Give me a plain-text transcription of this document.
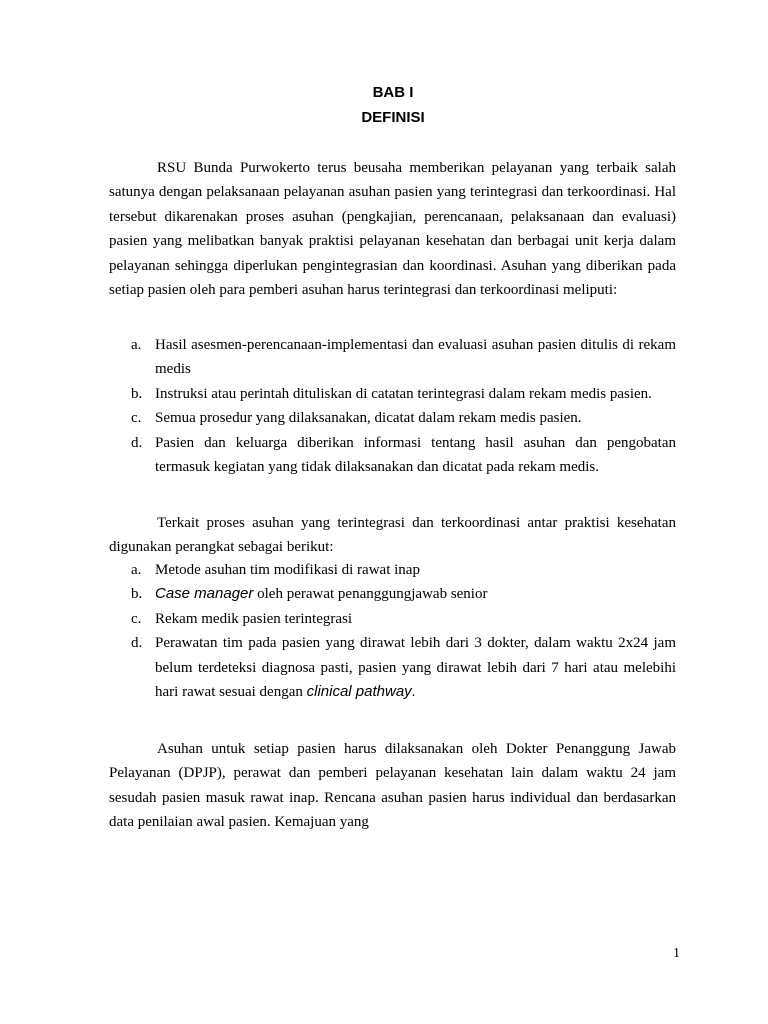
BAB I
DEFINISI
RSU Bunda Purwokerto terus beusaha memberikan pelayanan yang terbaik salah satunya dengan pelaksanaan pelayanan asuhan pasien yang terintegrasi dan terkoordinasi. Hal tersebut dikarenakan proses asuhan (pengkajian, perencanaan, pelaksanaan dan evaluasi) pasien yang melibatkan banyak praktisi pelayanan kesehatan dan berbagai unit kerja dalam pelayanan sehingga diperlukan pengintegrasian dan koordinasi. Asuhan yang diberikan pada setiap pasien oleh para pemberi asuhan harus terintegrasi dan terkoordinasi meliputi:
a. Hasil asesmen-perencanaan-implementasi dan evaluasi asuhan pasien ditulis di rekam medis
b. Instruksi atau perintah dituliskan di catatan terintegrasi dalam rekam medis pasien.
c. Semua prosedur yang dilaksanakan, dicatat dalam rekam medis pasien.
d. Pasien dan keluarga diberikan informasi tentang hasil asuhan dan pengobatan termasuk kegiatan yang tidak dilaksanakan dan dicatat pada rekam medis.
Terkait proses asuhan yang terintegrasi dan terkoordinasi antar praktisi kesehatan digunakan perangkat sebagai berikut:
a. Metode asuhan tim modifikasi di rawat inap
b. Case manager oleh perawat penanggungjawab senior
c. Rekam medik pasien terintegrasi
d. Perawatan tim pada pasien yang dirawat lebih dari 3 dokter, dalam waktu 2x24 jam belum terdeteksi diagnosa pasti, pasien yang dirawat lebih dari 7 hari atau melebihi hari rawat sesuai dengan clinical pathway.
Asuhan untuk setiap pasien harus dilaksanakan oleh Dokter Penanggung Jawab Pelayanan (DPJP), perawat dan pemberi pelayanan kesehatan lain dalam waktu 24 jam sesudah pasien masuk rawat inap. Rencana asuhan pasien harus individual dan berdasarkan data penilaian awal pasien. Kemajuan yang
1
